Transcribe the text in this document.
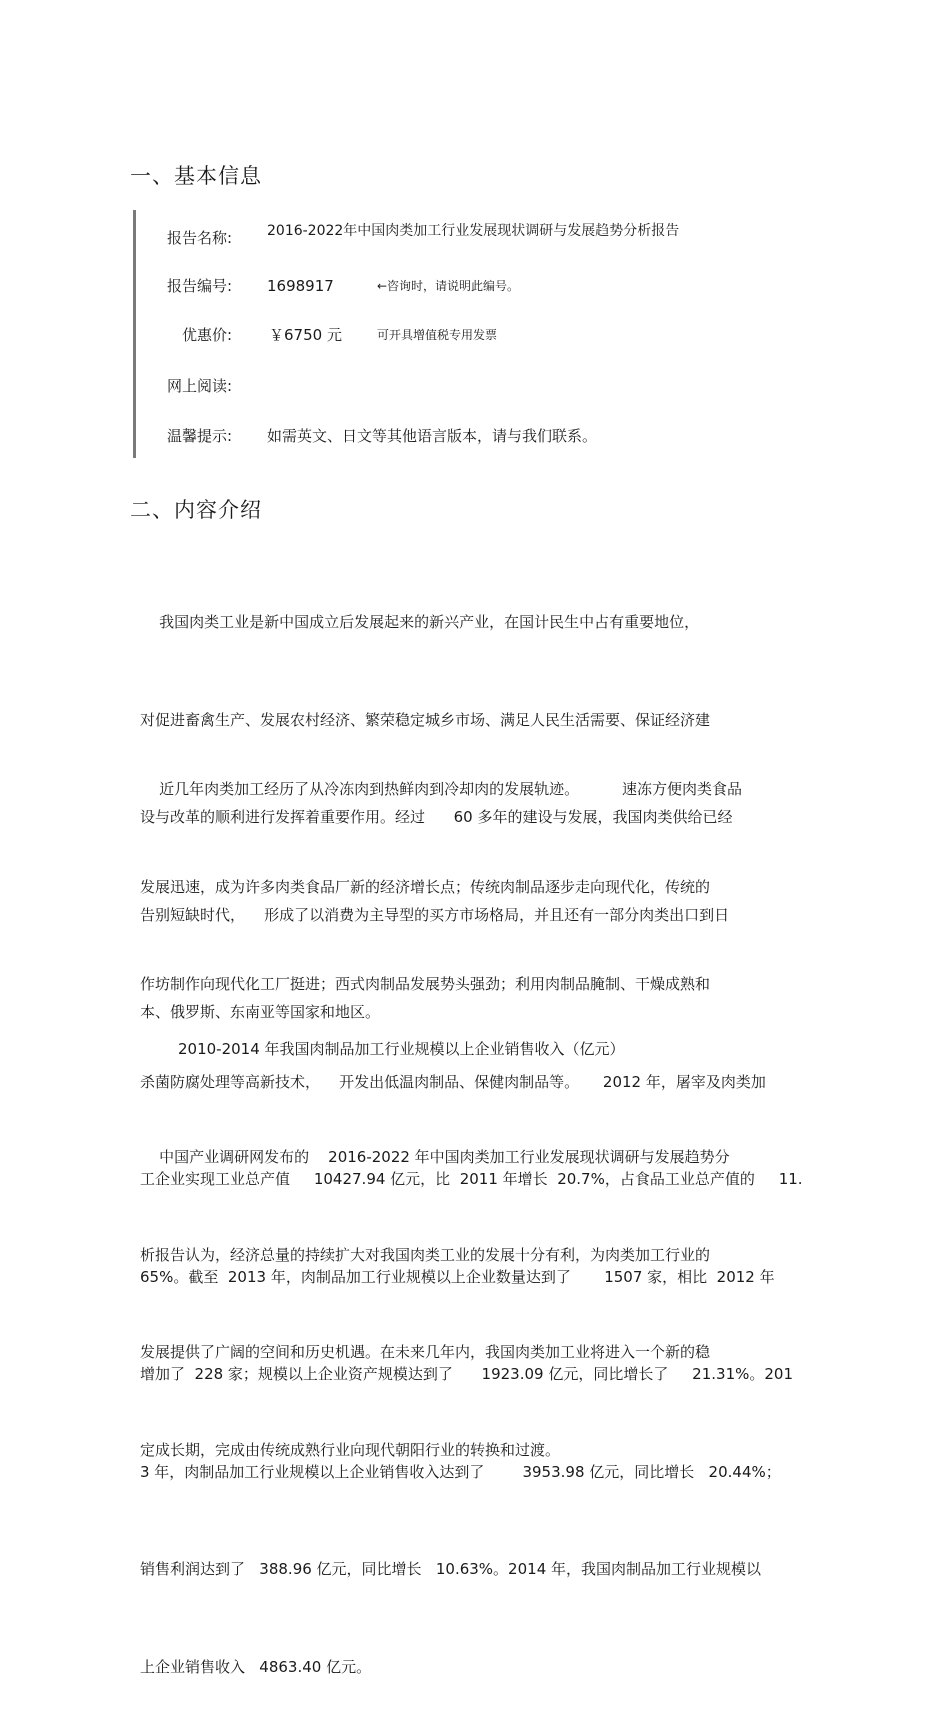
一、基本信息
报告名称:	2016-2022年中国肉类加工行业发展现状调研与发展趋势分析报告
报告编号: 1698917	←咨询时，请说明此编号。
优惠价: ￥6750 元	可开具增值税专用发票
网上阅读:
温馨提示: 如需英文、日文等其他语言版本，请与我们联系。
二、内容介绍

我国肉类工业是新中国成立后发展起来的新兴产业，在国计民生中占有重要地位，

对促进畜禽生产、发展农村经济、繁荣稳定城乡市场、满足人民生活需要、保证经济建

设与改革的顺利进行发挥着重要作用。经过      60 多年的建设与发展，我国肉类供给已经

告别短缺时代，    形成了以消费为主导型的买方市场格局，并且还有一部分肉类出口到日

本、俄罗斯、东南亚等国家和地区。

近几年肉类加工经历了从冷冻肉到热鲜肉到冷却肉的发展轨迹。         速冻方便肉类食品

发展迅速，成为许多肉类食品厂新的经济增长点；传统肉制品逐步走向现代化，传统的

作坊制作向现代化工厂挺进；西式肉制品发展势头强劲；利用肉制品腌制、干燥成熟和

杀菌防腐处理等高新技术，    开发出低温肉制品、保健肉制品等。     2012 年，屠宰及肉类加

工企业实现工业总产值     10427.94 亿元，比  2011 年增长  20.7%，占食品工业总产值的     11.

65%。截至  2013 年，肉制品加工行业规模以上企业数量达到了       1507 家，相比  2012 年

增加了  228 家；规模以上企业资产规模达到了      1923.09 亿元，同比增长了     21.31%。201

3 年，肉制品加工行业规模以上企业销售收入达到了        3953.98 亿元，同比增长   20.44%；

销售利润达到了   388.96 亿元，同比增长   10.63%。2014 年，我国肉制品加工行业规模以

上企业销售收入   4863.40 亿元。

2010-2014 年我国肉制品加工行业规模以上企业销售收入（亿元）

中国产业调研网发布的    2016-2022 年中国肉类加工行业发展现状调研与发展趋势分

析报告认为，经济总量的持续扩大对我国肉类工业的发展十分有利，为肉类加工行业的

发展提供了广阔的空间和历史机遇。在未来几年内，我国肉类加工业将进入一个新的稳

定成长期，完成由传统成熟行业向现代朝阳行业的转换和过渡。
